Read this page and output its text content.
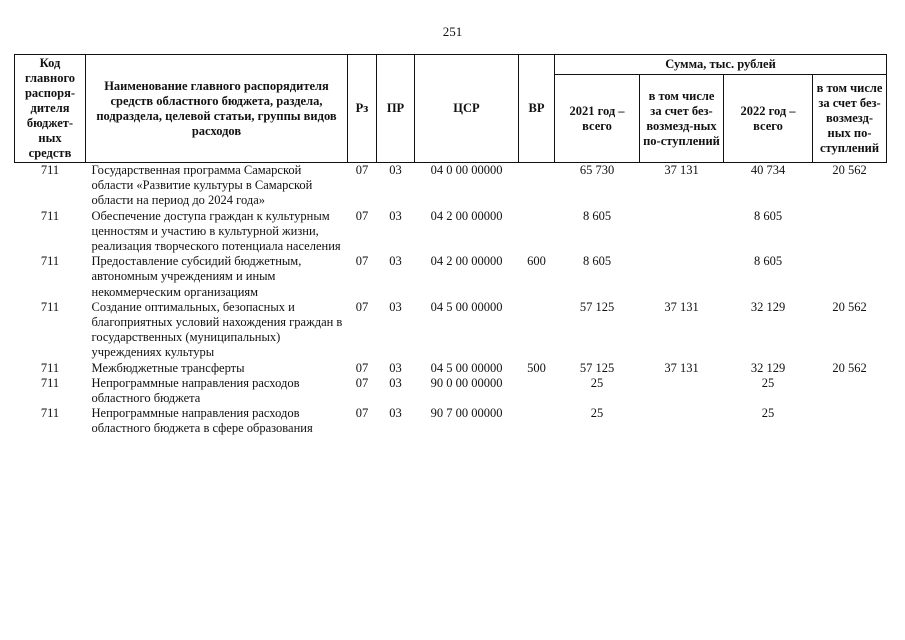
251
Код главного распоря-дителя бюджет-ных средств	Наименование главного распорядителя средств областного бюджета, раздела, подраздела, целевой статьи, группы видов расходов	Рз	ПР	ЦСР	ВР	Сумма, тыс. рублей			
						2021 год – всего	в том числе за счет без-возмезд-ных по-ступлений	2022 год – всего	в том числе за счет без-возмезд-ных по-ступлений
711	Государственная программа Самарской области «Развитие культуры в Самарской области на период до 2024 года»	07	03	04 0 00 00000		65 730	37 131	40 734	20 562
711	Обеспечение доступа граждан к культурным ценностям и участию в культурной жизни, реализация творческого потенциала населения	07	03	04 2 00 00000		8 605		8 605	
711	Предоставление субсидий бюджетным, автономным учреждениям и иным некоммерческим организациям	07	03	04 2 00 00000	600	8 605		8 605	
711	Создание оптимальных, безопасных и благоприятных условий нахождения граждан в государственных (муниципальных) учреждениях культуры	07	03	04 5 00 00000		57 125	37 131	32 129	20 562
711	Межбюджетные трансферты	07	03	04 5 00 00000	500	57 125	37 131	32 129	20 562
711	Непрограммные направления расходов областного бюджета	07	03	90 0 00 00000		25		25	
711	Непрограммные направления расходов областного бюджета в сфере образования	07	03	90 7 00 00000		25		25	
